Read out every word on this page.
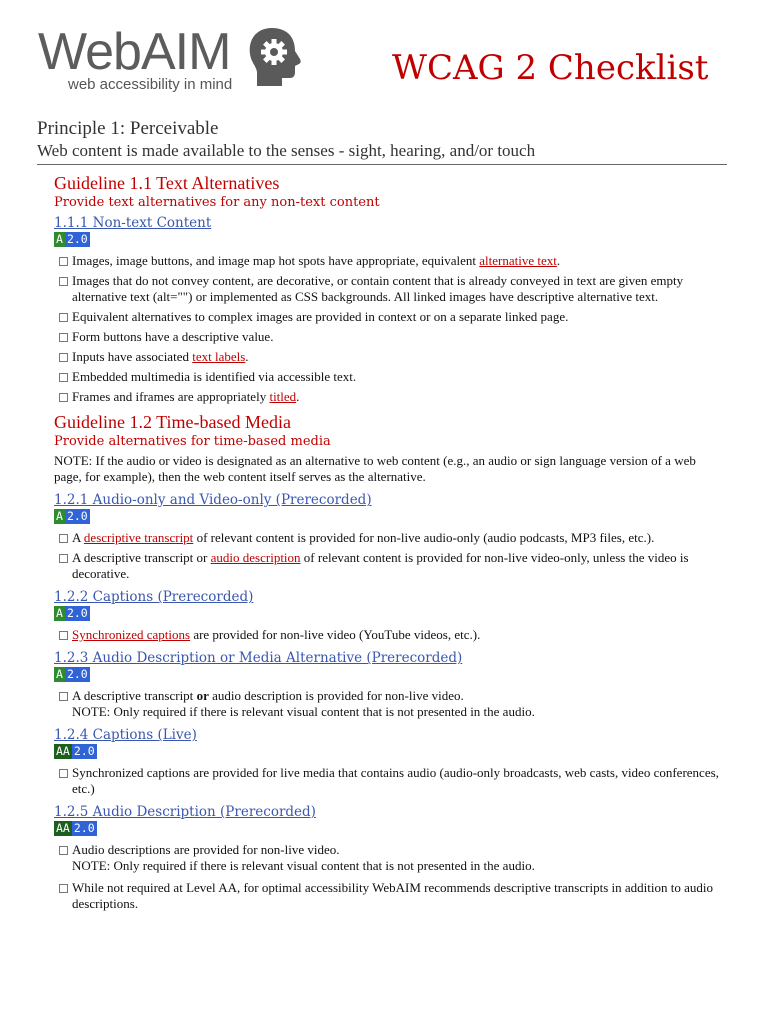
WebAIM
web accessibility in mind	WCAG 2 Checklist
Principle 1: Perceivable
Web content is made available to the senses - sight, hearing, and/or touch
Guideline 1.1 Text Alternatives
Provide text alternatives for any non-text content
1.1.1 Non-text Content
A 2.0
Images, image buttons, and image map hot spots have appropriate, equivalent alternative text.
Images that do not convey content, are decorative, or contain content that is already conveyed in text are given empty alternative text (alt="") or implemented as CSS backgrounds. All linked images have descriptive alternative text.
Equivalent alternatives to complex images are provided in context or on a separate linked page.
Form buttons have a descriptive value.
Inputs have associated text labels.
Embedded multimedia is identified via accessible text.
Frames and iframes are appropriately titled.
Guideline 1.2 Time-based Media
Provide alternatives for time-based media
NOTE: If the audio or video is designated as an alternative to web content (e.g., an audio or sign language version of a web page, for example), then the web content itself serves as the alternative.
1.2.1 Audio-only and Video-only (Prerecorded)
A 2.0
A descriptive transcript of relevant content is provided for non-live audio-only (audio podcasts, MP3 files, etc.).
A descriptive transcript or audio description of relevant content is provided for non-live video-only, unless the video is decorative.
1.2.2 Captions (Prerecorded)
A 2.0
Synchronized captions are provided for non-live video (YouTube videos, etc.).
1.2.3 Audio Description or Media Alternative (Prerecorded)
A 2.0
A descriptive transcript or audio description is provided for non-live video.
NOTE: Only required if there is relevant visual content that is not presented in the audio.
1.2.4 Captions (Live)
AA 2.0
Synchronized captions are provided for live media that contains audio (audio-only broadcasts, web casts, video conferences, etc.)
1.2.5 Audio Description (Prerecorded)
AA 2.0
Audio descriptions are provided for non-live video.
NOTE: Only required if there is relevant visual content that is not presented in the audio.
While not required at Level AA, for optimal accessibility WebAIM recommends descriptive transcripts in addition to audio descriptions.
